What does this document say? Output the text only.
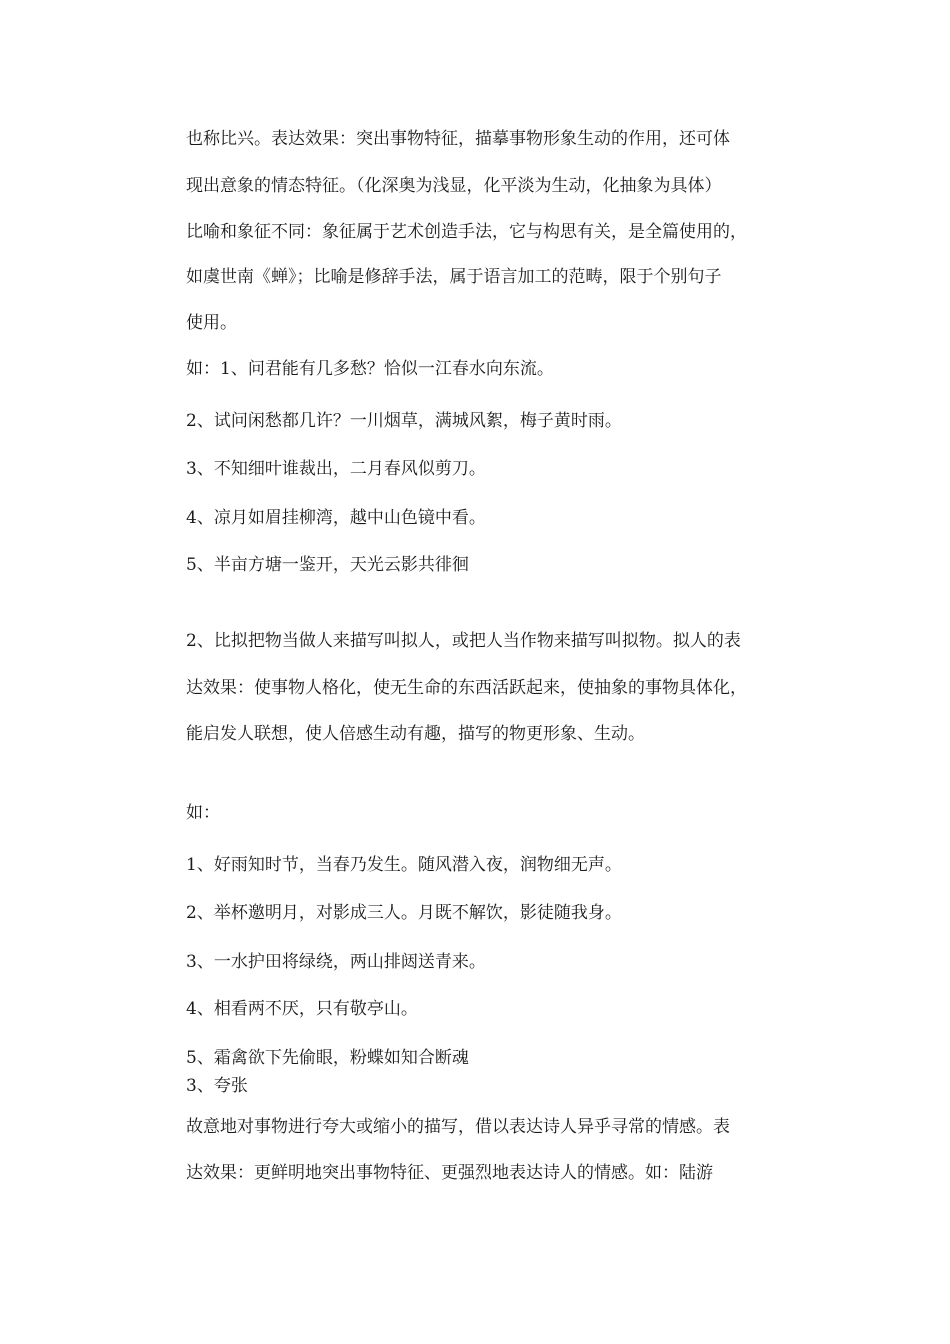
也称比兴。表达效果：突出事物特征，描摹事物形象生动的作用，还可体
现出意象的情态特征。（化深奥为浅显，化平淡为生动，化抽象为具体）
比喻和象征不同：象征属于艺术创造手法，它与构思有关，是全篇使用的，
如虞世南《蝉》；比喻是修辞手法，属于语言加工的范畴，限于个别句子
使用。
如：1、问君能有几多愁？恰似一江春水向东流。
2、试问闲愁都几许？一川烟草，满城风絮，梅子黄时雨。
3、不知细叶谁裁出，二月春风似剪刀。
4、凉月如眉挂柳湾，越中山色镜中看。
5、半亩方塘一鉴开，天光云影共徘徊
2、比拟把物当做人来描写叫拟人，或把人当作物来描写叫拟物。拟人的表
达效果：使事物人格化，使无生命的东西活跃起来，使抽象的事物具体化，
能启发人联想，使人倍感生动有趣，描写的物更形象、生动。
如：
1、好雨知时节，当春乃发生。随风潜入夜，润物细无声。
2、举杯邀明月，对影成三人。月既不解饮，影徒随我身。
3、一水护田将绿绕，两山排闼送青来。
4、相看两不厌，只有敬亭山。
5、霜禽欲下先偷眼，粉蝶如知合断魂
3、夸张
故意地对事物进行夸大或缩小的描写，借以表达诗人异乎寻常的情感。表
达效果：更鲜明地突出事物特征、更强烈地表达诗人的情感。如：陆游
